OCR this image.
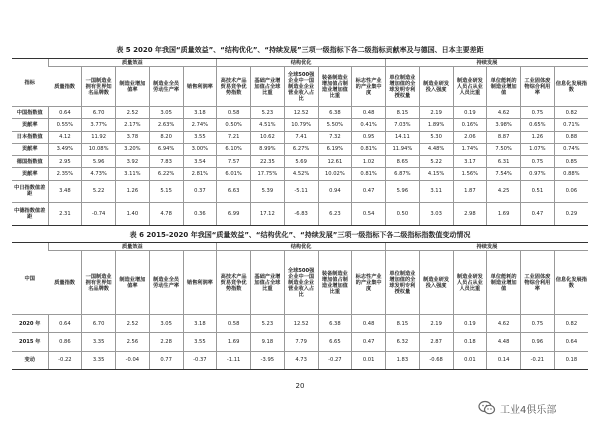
表 5 2020 年我国“质量效益”、“结构优化”、“持续发展”三项一级指标下各二级指标贡献率及与德国、日本主要差距
指标	质量效益					结构优化					持续发展					
	质量指数	一国制造业拥有世界知名品牌数	制造业增加值率	制造业全员劳动生产率	销售利润率	高技术产品贸易竞争优势指数	基础产业增加值占全球比重	全球500强企业中一国制造业企业营业收入占比	装备制造业增加值占制造业增加值比重	标志性产业的产业集中度	单位制造业增加值的全球发明专利授权量	制造业研发投入强度	制造业研发人员占从业人员比重	单位能耗的制造业增加值	工业固体废物综合利用率	信息化发展指数
中国指数值	0.64	6.70	2.52	3.05	3.18	0.58	5.23	12.52	6.38	0.48	8.15	2.19	0.19	4.62	0.75	0.82
贡献率	0.55%	3.77%	2.17%	2.63%	2.74%	0.50%	4.51%	10.79%	5.50%	0.41%	7.03%	1.89%	0.16%	3.98%	0.65%	0.71%
日本指数值	4.12	11.92	3.78	8.20	3.55	7.21	10.62	7.41	7.32	0.95	14.11	5.30	2.06	8.87	1.26	0.88
贡献率	3.49%	10.08%	3.20%	6.94%	3.00%	6.10%	8.99%	6.27%	6.19%	0.81%	11.94%	4.48%	1.74%	7.50%	1.07%	0.74%
德国指数值	2.95	5.96	3.92	7.83	3.54	7.57	22.35	5.69	12.61	1.02	8.65	5.22	3.17	6.31	0.75	0.85
贡献率	2.35%	4.73%	3.11%	6.22%	2.81%	6.01%	17.75%	4.52%	10.02%	0.81%	6.87%	4.15%	1.56%	7.54%	0.97%	0.88%
中日指数值差距	3.48	5.22	1.26	5.15	0.37	6.63	5.39	-5.11	0.94	0.47	5.96	3.11	1.87	4.25	0.51	0.06
中德指数值差距	2.31	-0.74	1.40	4.78	0.36	6.99	17.12	-6.83	6.23	0.54	0.50	3.03	2.98	1.69	0.47	0.29
表 6 2015-2020 年我国“质量效益”、“结构优化”、“持续发展”三项一级指标下各二级指标指数值变动情况
中国	质量效益					结构优化					持续发展					
	质量指数	一国制造业拥有世界知名品牌数	制造业增加值率	制造业全员劳动生产率	销售利润率	高技术产品贸易竞争优势指数	基础产业增加值占全球比重	全球500强企业中一国制造业企业营业收入占比	装备制造业增加值占制造业增加值比重	标志性产业的产业集中度	单位制造业增加值的全球发明专利授权量	制造业研发投入强度	制造业研发人员占从业人员比重	单位能耗的制造业增加值	工业固体废物综合利用率	信息化发展指数
2020 年	0.64	6.70	2.52	3.05	3.18	0.58	5.23	12.52	6.38	0.48	8.15	2.19	0.19	4.62	0.75	0.82
2015 年	0.86	3.35	2.56	2.28	3.55	1.69	9.18	7.79	6.65	0.47	6.32	2.87	0.18	4.48	0.96	0.64
变动	-0.22	3.35	-0.04	0.77	-0.37	-1.11	-3.95	4.73	-0.27	0.01	1.83	-0.68	0.01	0.14	-0.21	0.18
20
工业4俱乐部
